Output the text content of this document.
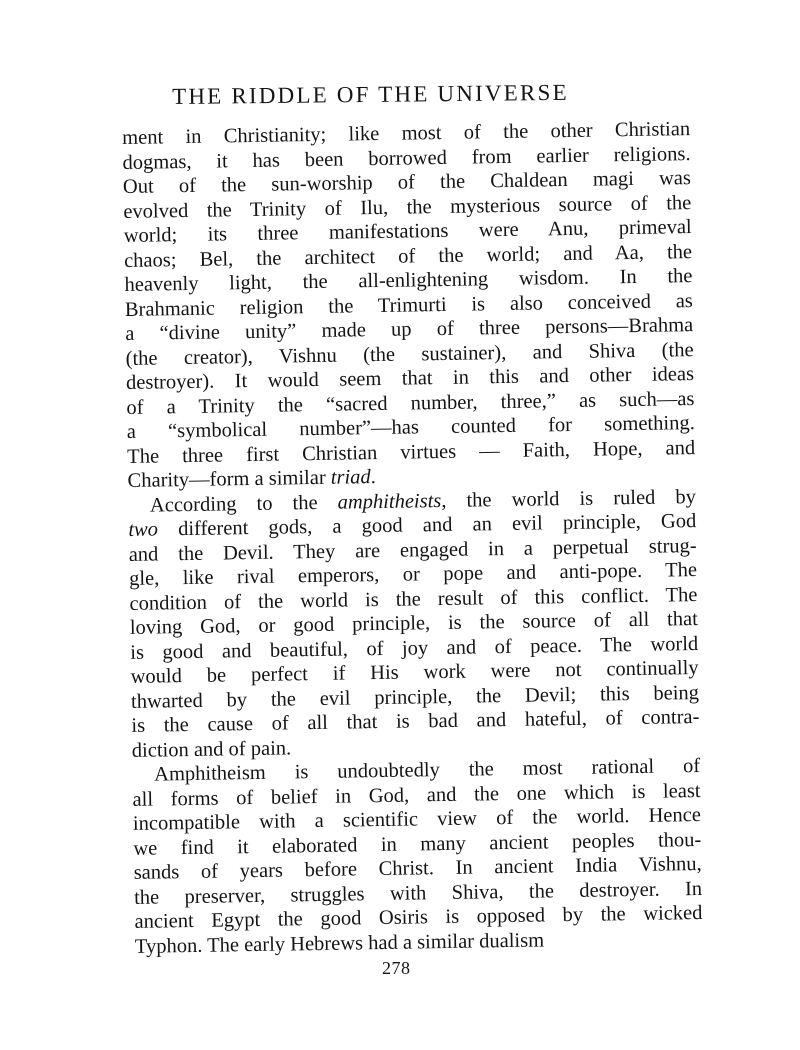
THE RIDDLE OF THE UNIVERSE
ment in Christianity; like most of the other Christian
dogmas, it has been borrowed from earlier religions.
Out of the sun-worship of the Chaldean magi was
evolved the Trinity of Ilu, the mysterious source of the
world; its three manifestations were Anu, primeval
chaos; Bel, the architect of the world; and Aa, the
heavenly light, the all-enlightening wisdom. In the
Brahmanic religion the Trimurti is also conceived as
a “divine unity” made up of three persons—Brahma
(the creator), Vishnu (the sustainer), and Shiva (the
destroyer). It would seem that in this and other ideas
of a Trinity the “sacred number, three,” as such—as
a “symbolical number”—has counted for something.
The three first Christian virtues — Faith, Hope, and
Charity—form a similar triad.
According to the amphitheists, the world is ruled by
two different gods, a good and an evil principle, God
and the Devil. They are engaged in a perpetual strug-
gle, like rival emperors, or pope and anti-pope. The
condition of the world is the result of this conflict. The
loving God, or good principle, is the source of all that
is good and beautiful, of joy and of peace. The world
would be perfect if His work were not continually
thwarted by the evil principle, the Devil; this being
is the cause of all that is bad and hateful, of contra-
diction and of pain.
Amphitheism is undoubtedly the most rational of
all forms of belief in God, and the one which is least
incompatible with a scientific view of the world. Hence
we find it elaborated in many ancient peoples thou-
sands of years before Christ. In ancient India Vishnu,
the preserver, struggles with Shiva, the destroyer. In
ancient Egypt the good Osiris is opposed by the wicked
Typhon. The early Hebrews had a similar dualism
278
